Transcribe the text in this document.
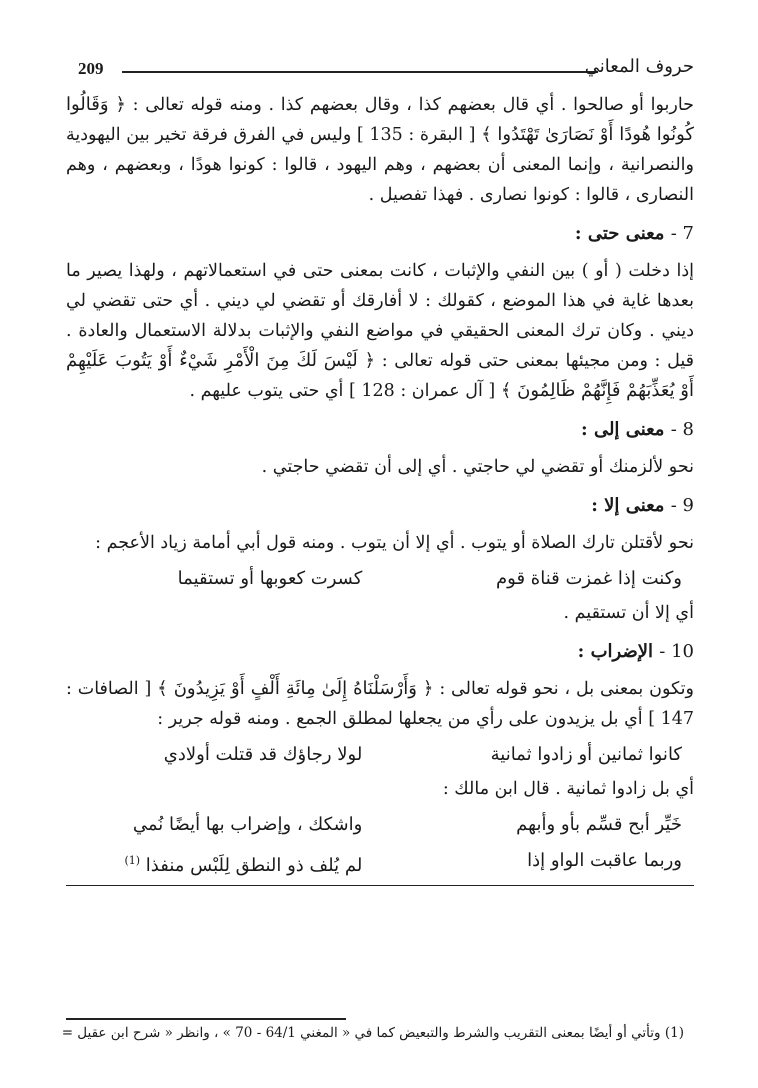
209	حروف المعاني

حاربوا أو صالحوا . أي قال بعضهم كذا ، وقال بعضهم كذا . ومنه قوله تعالى : ﴿ وَقَالُوا كُونُوا هُودًا أَوْ نَصَارَىٰ تَهْتَدُوا ﴾ [ البقرة : 135 ] وليس في الفرق فرقة تخير بين اليهودية والنصرانية ، وإنما المعنى أن بعضهم ، وهم اليهود ، قالوا : كونوا هودًا ، وبعضهم ، وهم النصارى ، قالوا : كونوا نصارى . فهذا تفصيل .

7 - معنى حتى :

إذا دخلت ( أو ) بين النفي والإثبات ، كانت بمعنى حتى في استعمالاتهم ، ولهذا يصير ما بعدها غاية في هذا الموضع ، كقولك : لا أفارقك أو تقضي لي ديني . أي حتى تقضي لي ديني . وكان ترك المعنى الحقيقي في مواضع النفي والإثبات بدلالة الاستعمال والعادة . قيل : ومن مجيئها بمعنى حتى قوله تعالى : ﴿ لَيْسَ لَكَ مِنَ الْأَمْرِ شَيْءٌ أَوْ يَتُوبَ عَلَيْهِمْ أَوْ يُعَذِّبَهُمْ فَإِنَّهُمْ ظَالِمُونَ ﴾ [ آل عمران : 128 ] أي حتى يتوب عليهم .

8 - معنى إلى :

نحو لألزمنك أو تقضي لي حاجتي . أي إلى أن تقضي حاجتي .

9 - معنى إلا :

نحو لأقتلن تارك الصلاة أو يتوب . أي إلا أن يتوب . ومنه قول أبي أمامة زياد الأعجم :

وكنت إذا غمزت قناة قوم
كسرت كعوبها أو تستقيما

أي إلا أن تستقيم .

10 - الإضراب :

وتكون بمعنى بل ، نحو قوله تعالى : ﴿ وَأَرْسَلْنَاهُ إِلَىٰ مِائَةِ أَلْفٍ أَوْ يَزِيدُونَ ﴾ [ الصافات : 147 ] أي بل يزيدون على رأي من يجعلها لمطلق الجمع . ومنه قوله جرير :

كانوا ثمانين أو زادوا ثمانية
لولا رجاؤك قد قتلت أولادي

أي بل زادوا ثمانية . قال ابن مالك :

خَيِّر أبح قسِّم بأو وأبهم
واشكك ، وإضراب بها أيضًا نُمي
وربما عاقبت الواو إذا
لم يُلف ذو النطق لِلَبْس منفذا $^{(1)}$
(1) وتأتي أو أيضًا بمعنى التقريب والشرط والتبعيض كما في « المغني 64/1 - 70 » ، وانظر « شرح ابن عقيل =
